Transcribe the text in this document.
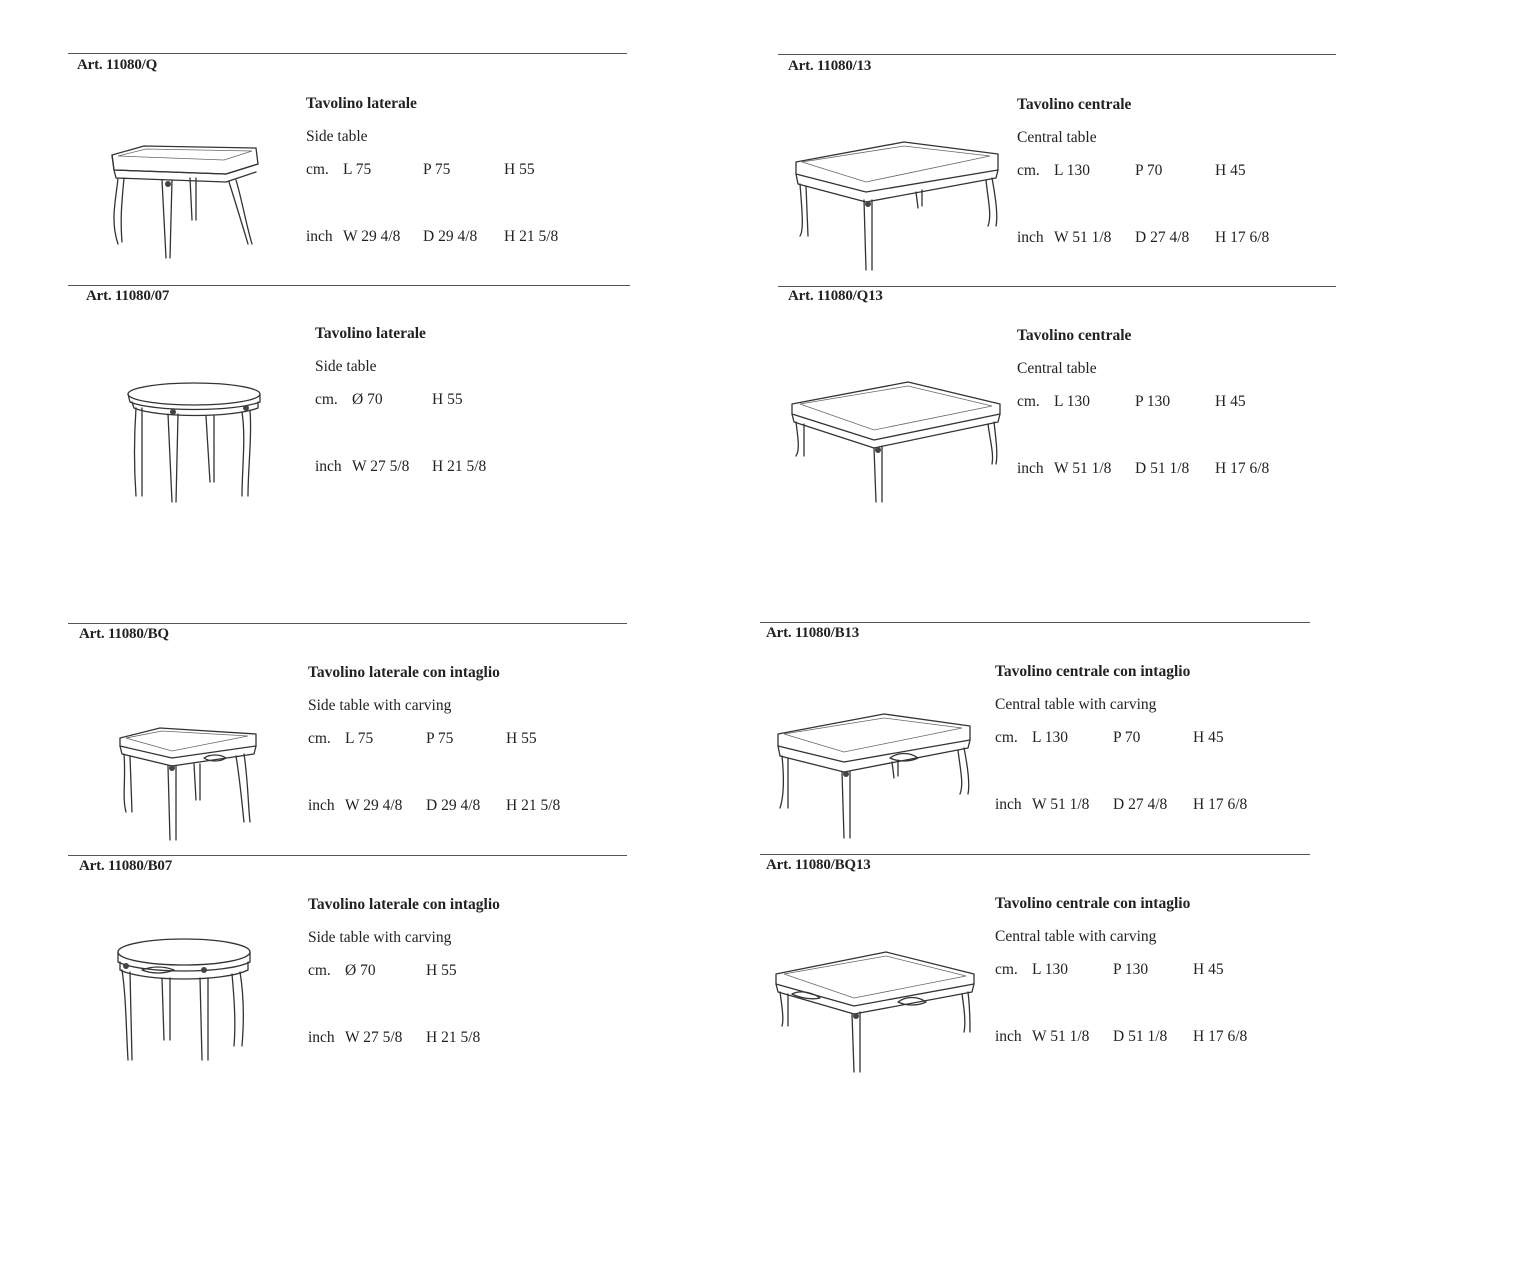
Art. 11080/Q
Tavolino laterale
Side table
cm. L 75	P 75	H 55
inch W 29 4/8 D 29 4/8 H 21 5/8
Art. 11080/07
Tavolino laterale
Side table
cm. Ø 70	H 55
inch W 27 5/8 H 21 5/8
Art. 11080/13
Tavolino centrale
Central table
cm. L 130	P 70	H 45
inch W 51 1/8 D 27 4/8 H 17 6/8
Art. 11080/Q13
Tavolino centrale
Central table
cm. L 130	P 130	H 45
inch W 51 1/8 D 51 1/8 H 17 6/8
Art. 11080/BQ
Tavolino laterale con intaglio
Side table with carving
cm. L 75	P 75	H 55
inch W 29 4/8 D 29 4/8 H 21 5/8
Art. 11080/B07
Tavolino laterale con intaglio
Side table with carving
cm. Ø 70	H 55
inch W 27 5/8 H 21 5/8
Art. 11080/B13
Tavolino centrale con intaglio
Central table with carving
cm. L 130	P 70	H 45
inch W 51 1/8 D 27 4/8 H 17 6/8
Art. 11080/BQ13
Tavolino centrale con intaglio
Central table with carving
cm. L 130	P 130	H 45
inch W 51 1/8 D 51 1/8 H 17 6/8
